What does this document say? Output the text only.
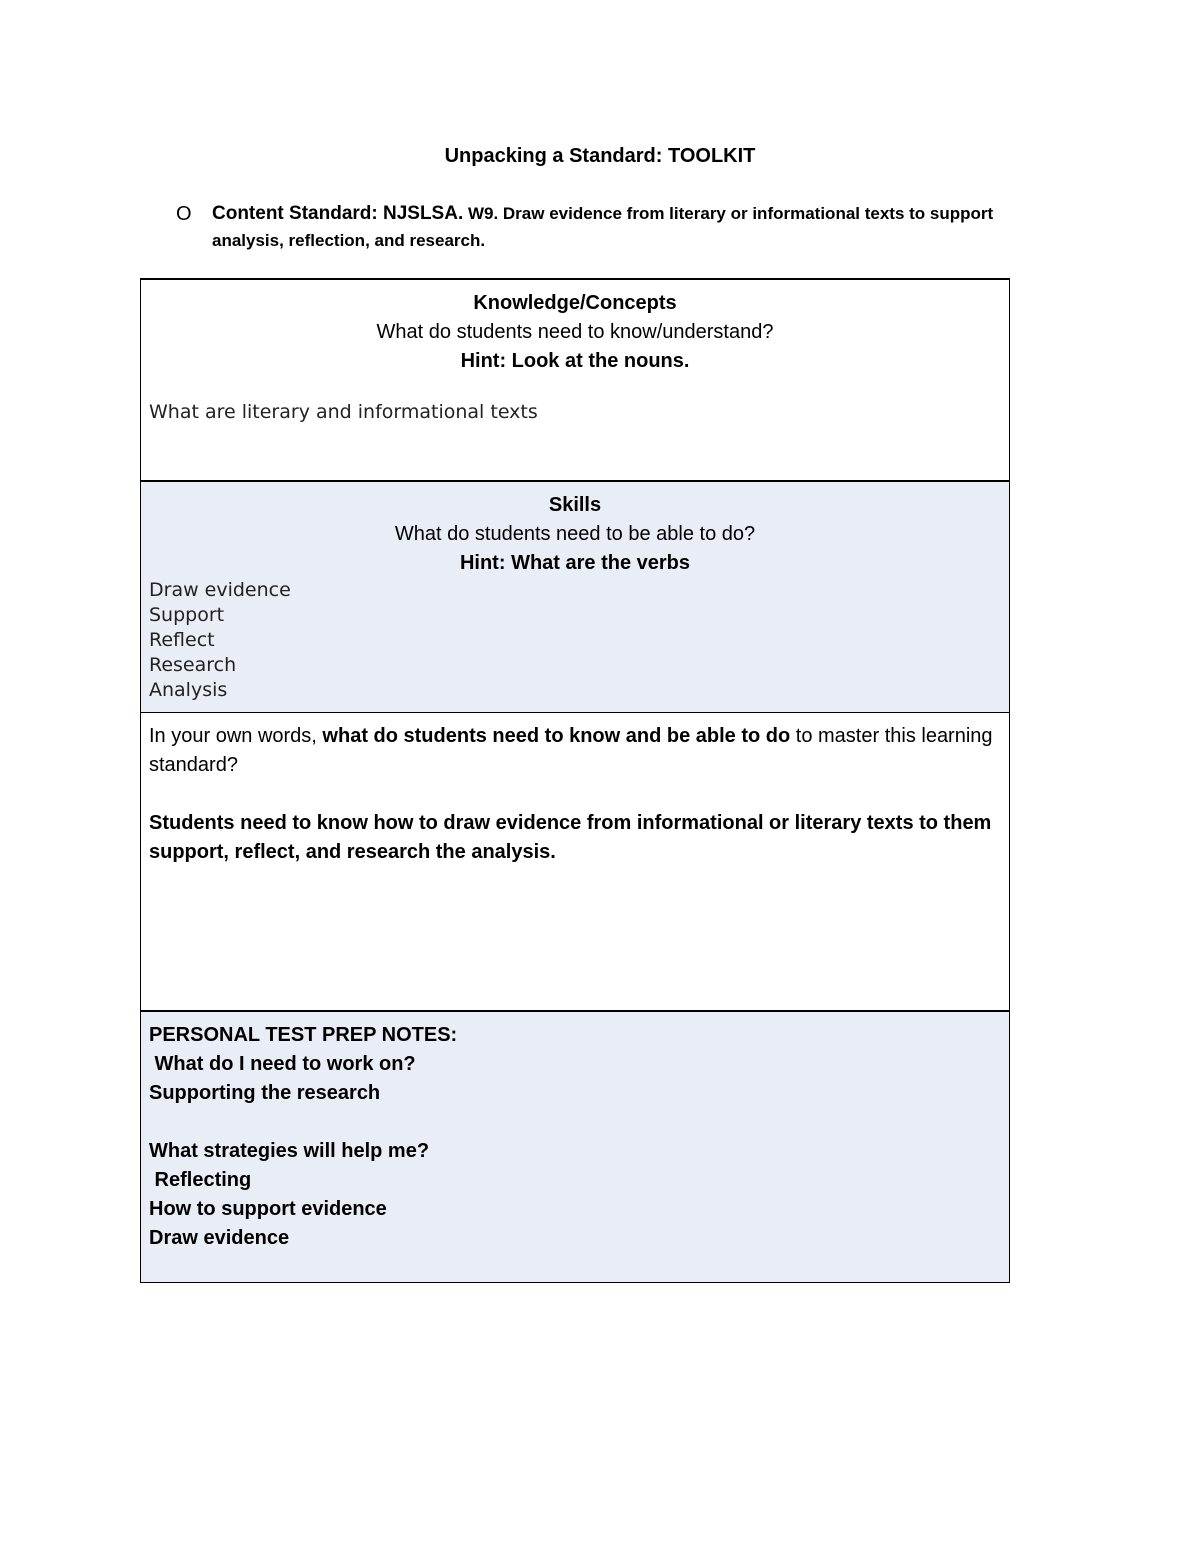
Unpacking a Standard: TOOLKIT
O Content Standard: NJSLSA. W9. Draw evidence from literary or informational texts to support analysis, reflection, and research.
Knowledge/Concepts
What do students need to know/understand?
Hint: Look at the nouns.
What are literary and informational texts

Skills
What do students need to be able to do?
Hint: What are the verbs
Draw evidence
Support
Reflect
Research
Analysis

In your own words, what do students need to know and be able to do to master this learning standard?
Students need to know how to draw evidence from informational or literary texts to them support, reflect, and research the analysis.

PERSONAL TEST PREP NOTES:
What do I need to work on?
Supporting the research
What strategies will help me?
Reflecting
How to support evidence
Draw evidence
